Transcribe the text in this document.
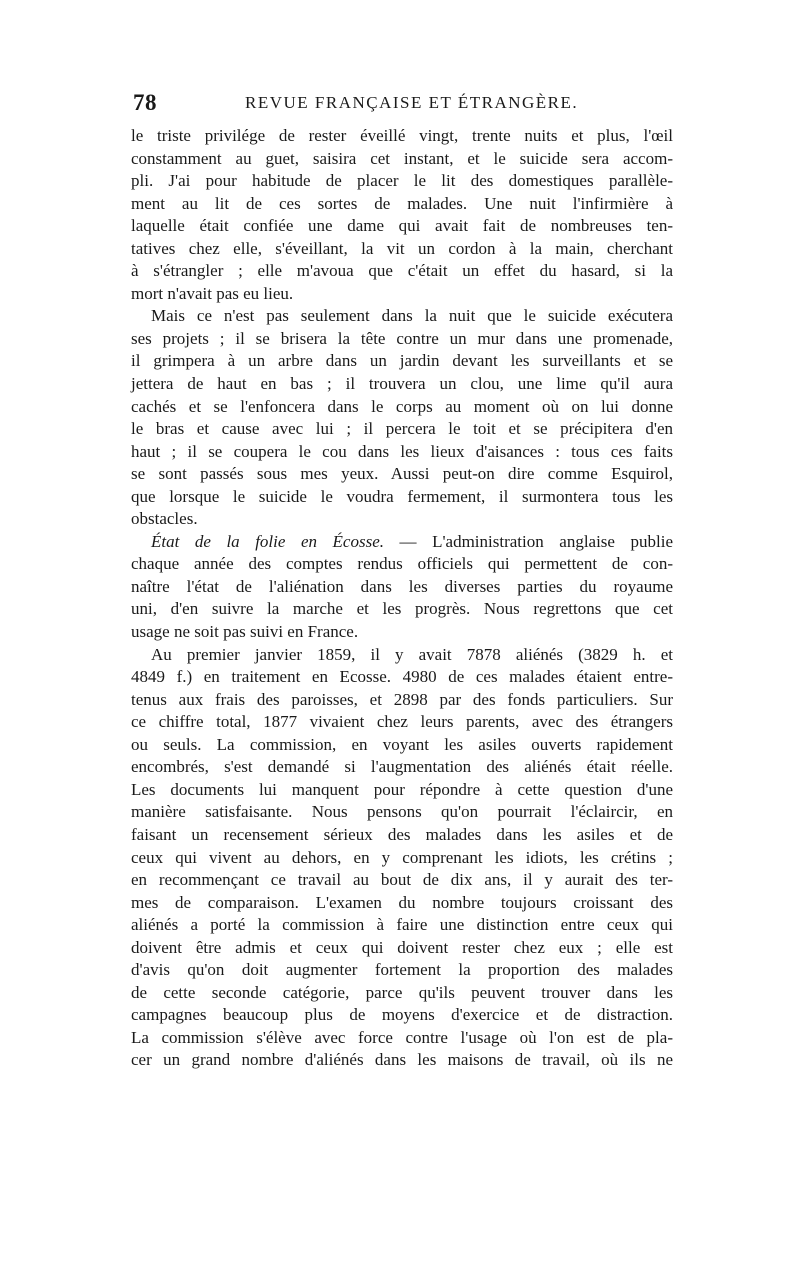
78	REVUE FRANÇAISE ET ÉTRANGÈRE.
le triste privilége de rester éveillé vingt, trente nuits et plus, l'œil
constamment au guet, saisira cet instant, et le suicide sera accom-
pli. J'ai pour habitude de placer le lit des domestiques parallèle-
ment au lit de ces sortes de malades. Une nuit l'infirmière à
laquelle était confiée une dame qui avait fait de nombreuses ten-
tatives chez elle, s'éveillant, la vit un cordon à la main, cherchant
à s'étrangler ; elle m'avoua que c'était un effet du hasard, si la
mort n'avait pas eu lieu.
Mais ce n'est pas seulement dans la nuit que le suicide exécutera
ses projets ; il se brisera la tête contre un mur dans une promenade,
il grimpera à un arbre dans un jardin devant les surveillants et se
jettera de haut en bas ; il trouvera un clou, une lime qu'il aura
cachés et se l'enfoncera dans le corps au moment où on lui donne
le bras et cause avec lui ; il percera le toit et se précipitera d'en
haut ; il se coupera le cou dans les lieux d'aisances : tous ces faits
se sont passés sous mes yeux. Aussi peut-on dire comme Esquirol,
que lorsque le suicide le voudra fermement, il surmontera tous les
obstacles.
État de la folie en Écosse. — L'administration anglaise publie
chaque année des comptes rendus officiels qui permettent de con-
naître l'état de l'aliénation dans les diverses parties du royaume
uni, d'en suivre la marche et les progrès. Nous regrettons que cet
usage ne soit pas suivi en France.
Au premier janvier 1859, il y avait 7878 aliénés (3829 h. et
4849 f.) en traitement en Ecosse. 4980 de ces malades étaient entre-
tenus aux frais des paroisses, et 2898 par des fonds particuliers. Sur
ce chiffre total, 1877 vivaient chez leurs parents, avec des étrangers
ou seuls. La commission, en voyant les asiles ouverts rapidement
encombrés, s'est demandé si l'augmentation des aliénés était réelle.
Les documents lui manquent pour répondre à cette question d'une
manière satisfaisante. Nous pensons qu'on pourrait l'éclaircir, en
faisant un recensement sérieux des malades dans les asiles et de
ceux qui vivent au dehors, en y comprenant les idiots, les crétins ;
en recommençant ce travail au bout de dix ans, il y aurait des ter-
mes de comparaison. L'examen du nombre toujours croissant des
aliénés a porté la commission à faire une distinction entre ceux qui
doivent être admis et ceux qui doivent rester chez eux ; elle est
d'avis qu'on doit augmenter fortement la proportion des malades
de cette seconde catégorie, parce qu'ils peuvent trouver dans les
campagnes beaucoup plus de moyens d'exercice et de distraction.
La commission s'élève avec force contre l'usage où l'on est de pla-
cer un grand nombre d'aliénés dans les maisons de travail, où ils ne
